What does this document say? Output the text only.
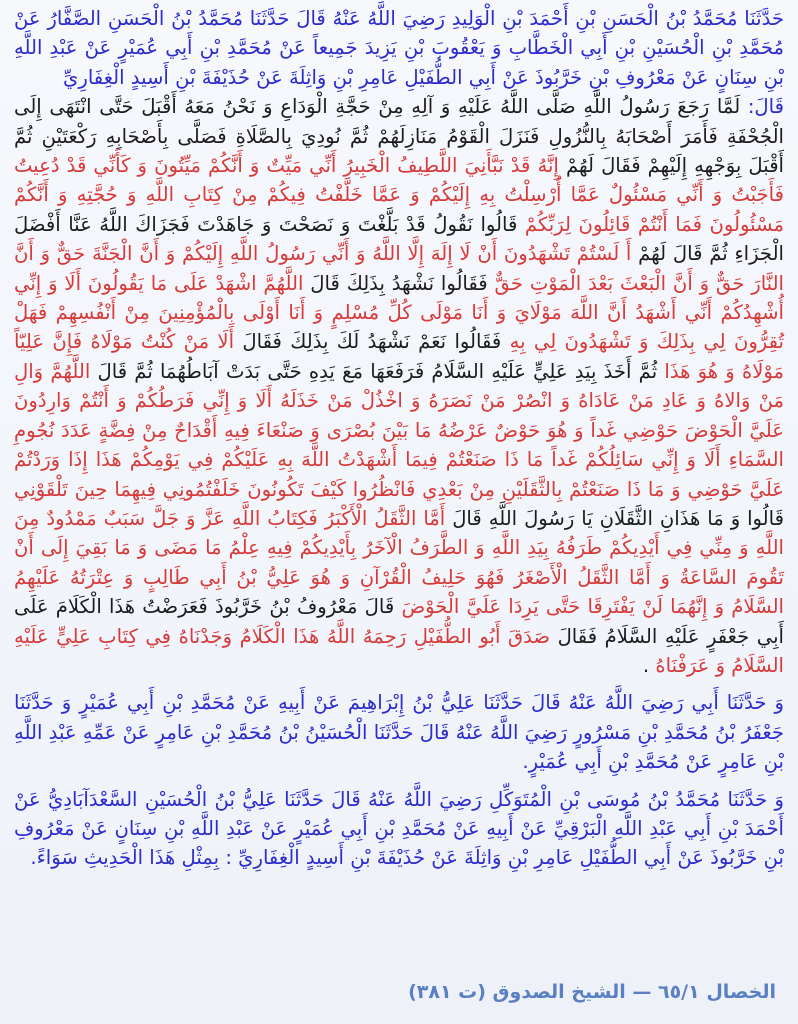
حَدَّثَنَا مُحَمَّدُ بْنُ الْحَسَنِ بْنِ أَحْمَدَ بْنِ الْوَلِيدِ رَضِيَ اللَّهُ عَنْهُ قَالَ حَدَّثَنَا مُحَمَّدُ بْنُ الْحَسَنِ الصَّفَّارُ عَنْ مُحَمَّدِ بْنِ الْحُسَيْنِ بْنِ أَبِي الْخَطَّابِ وَ يَعْقُوبَ بْنِ يَزِيدَ جَمِيعاً عَنْ مُحَمَّدِ بْنِ أَبِي عُمَيْرٍ عَنْ عَبْدِ اللَّهِ بْنِ سِنَانٍ عَنْ مَعْرُوفِ بْنِ خَرَّبُوذَ عَنْ أَبِي الطُّفَيْلِ عَامِرِ بْنِ وَاثِلَةَ عَنْ حُذَيْفَةَ بْنِ أَسِيدٍ الْغِفَارِيِّ

قَالَ: لَمَّا رَجَعَ رَسُولُ اللَّهِ صَلَّى اللَّهُ عَلَيْهِ وَ آلِهِ مِنْ حَجَّةِ الْوَدَاعِ وَ نَحْنُ مَعَهُ أَقْبَلَ حَتَّى انْتَهَى إِلَى الْجُحْفَةِ فَأَمَرَ أَصْحَابَهُ بِالنُّزُولِ فَنَزَلَ الْقَوْمُ مَنَازِلَهُمْ ثُمَّ نُودِيَ بِالصَّلَاةِ فَصَلَّى بِأَصْحَابِهِ رَكْعَتَيْنِ ثُمَّ أَقْبَلَ بِوَجْهِهِ إِلَيْهِمْ فَقَالَ لَهُمْ إِنَّهُ قَدْ نَبَّأَنِيَ اللَّطِيفُ الْخَبِيرُ أَنِّي مَيِّتٌ وَ أَنَّكُمْ مَيِّتُونَ وَ كَأَنِّي قَدْ دُعِيتُ فَأَجَبْتُ وَ أَنِّي مَسْئُولٌ عَمَّا أُرْسِلْتُ بِهِ إِلَيْكُمْ وَ عَمَّا خَلَّفْتُ فِيكُمْ مِنْ كِتَابِ اللَّهِ وَ حُجَّتِهِ وَ أَنَّكُمْ مَسْئُولُونَ فَمَا أَنْتُمْ قَائِلُونَ لِرَبِّكُمْ قَالُوا نَقُولُ قَدْ بَلَّغْتَ وَ نَصَحْتَ وَ جَاهَدْتَ فَجَزَاكَ اللَّهُ عَنَّا أَفْضَلَ الْجَزَاءِ ثُمَّ قَالَ لَهُمْ أَ لَسْتُمْ تَشْهَدُونَ أَنْ لَا إِلَهَ إِلَّا اللَّهُ وَ أَنِّي رَسُولُ اللَّهِ إِلَيْكُمْ وَ أَنَّ الْجَنَّةَ حَقٌّ وَ أَنَّ النَّارَ حَقٌّ وَ أَنَّ الْبَعْثَ بَعْدَ الْمَوْتِ حَقٌّ فَقَالُوا نَشْهَدُ بِذَلِكَ قَالَ اللَّهُمَّ اشْهَدْ عَلَى مَا يَقُولُونَ أَلَا وَ إِنِّي أُشْهِدُكُمْ أَنِّي أَشْهَدُ أَنَّ اللَّهَ مَوْلَايَ وَ أَنَا مَوْلَى كُلِّ مُسْلِمٍ وَ أَنَا أَوْلَى بِالْمُؤْمِنِينَ مِنْ أَنْفُسِهِمْ فَهَلْ تُقِرُّونَ لِي بِذَلِكَ وَ تَشْهَدُونَ لِي بِهِ فَقَالُوا نَعَمْ نَشْهَدُ لَكَ بِذَلِكَ فَقَالَ أَلَا مَنْ كُنْتُ مَوْلَاهُ فَإِنَّ عَلِيّاً مَوْلَاهُ وَ هُوَ هَذَا ثُمَّ أَخَذَ بِيَدِ عَلِيٍّ عَلَيْهِ السَّلَامُ فَرَفَعَهَا مَعَ يَدِهِ حَتَّى بَدَتْ آبَاطُهُمَا ثُمَّ قَالَ اللَّهُمَّ وَالِ مَنْ وَالاهُ وَ عَادِ مَنْ عَادَاهُ وَ انْصُرْ مَنْ نَصَرَهُ وَ اخْذُلْ مَنْ خَذَلَهُ أَلَا وَ إِنِّي فَرَطُكُمْ وَ أَنْتُمْ وَارِدُونَ عَلَيَّ الْحَوْضَ حَوْضِي غَداً وَ هُوَ حَوْضٌ عَرْضُهُ مَا بَيْنَ بُصْرَى وَ صَنْعَاءَ فِيهِ أَقْدَاحٌ مِنْ فِضَّةٍ عَدَدَ نُجُومِ السَّمَاءِ أَلَا وَ إِنِّي سَائِلُكُمْ غَداً مَا ذَا صَنَعْتُمْ فِيمَا أَشْهَدْتُ اللَّهَ بِهِ عَلَيْكُمْ فِي يَوْمِكُمْ هَذَا إِذَا وَرَدْتُمْ عَلَيَّ حَوْضِي وَ مَا ذَا صَنَعْتُمْ بِالثَّقَلَيْنِ مِنْ بَعْدِي فَانْظُرُوا كَيْفَ تَكُونُونَ خَلَفْتُمُونِي فِيهِمَا حِينَ تَلْقَوْنِي قَالُوا وَ مَا هَذَانِ الثَّقَلَانِ يَا رَسُولَ اللَّهِ قَالَ أَمَّا الثَّقَلُ الْأَكْبَرُ فَكِتَابُ اللَّهِ عَزَّ وَ جَلَّ سَبَبٌ مَمْدُودٌ مِنَ اللَّهِ وَ مِنِّي فِي أَيْدِيكُمْ طَرَفُهُ بِيَدِ اللَّهِ وَ الطَّرَفُ الْآخَرُ بِأَيْدِيكُمْ فِيهِ عِلْمُ مَا مَضَى وَ مَا بَقِيَ إِلَى أَنْ تَقُومَ السَّاعَةُ وَ أَمَّا الثَّقَلُ الْأَصْغَرُ فَهُوَ حَلِيفُ الْقُرْآنِ وَ هُوَ عَلِيُّ بْنُ أَبِي طَالِبٍ وَ عِتْرَتُهُ عَلَيْهِمُ السَّلَامُ وَ إِنَّهُمَا لَنْ يَفْتَرِقَا حَتَّى يَرِدَا عَلَيَّ الْحَوْضَ قَالَ مَعْرُوفُ بْنُ خَرَّبُوذَ فَعَرَضْتُ هَذَا الْكَلَامَ عَلَى أَبِي جَعْفَرٍ عَلَيْهِ السَّلَامُ فَقَالَ صَدَقَ أَبُو الطُّفَيْلِ رَحِمَهُ اللَّهُ هَذَا الْكَلَامُ وَجَدْنَاهُ فِي كِتَابِ عَلِيٍّ عَلَيْهِ السَّلَامُ وَ عَرَفْنَاهُ .

وَ حَدَّثَنَا أَبِي رَضِيَ اللَّهُ عَنْهُ قَالَ حَدَّثَنَا عَلِيُّ بْنُ إِبْرَاهِيمَ عَنْ أَبِيهِ عَنْ مُحَمَّدِ بْنِ أَبِي عُمَيْرٍ وَ حَدَّثَنَا جَعْفَرُ بْنُ مُحَمَّدِ بْنِ مَسْرُورٍ رَضِيَ اللَّهُ عَنْهُ قَالَ حَدَّثَنَا الْحُسَيْنُ بْنُ مُحَمَّدِ بْنِ عَامِرٍ عَنْ عَمِّهِ عَبْدِ اللَّهِ بْنِ عَامِرٍ عَنْ مُحَمَّدِ بْنِ أَبِي عُمَيْرٍ.

وَ حَدَّثَنَا مُحَمَّدُ بْنُ مُوسَى بْنِ الْمُتَوَكِّلِ رَضِيَ اللَّهُ عَنْهُ قَالَ حَدَّثَنَا عَلِيُّ بْنُ الْحُسَيْنِ السَّعْدَآبَادِيُّ عَنْ أَحْمَدَ بْنِ أَبِي عَبْدِ اللَّهِ الْبَرْقِيِّ عَنْ أَبِيهِ عَنْ مُحَمَّدِ بْنِ أَبِي عُمَيْرٍ عَنْ عَبْدِ اللَّهِ بْنِ سِنَانٍ عَنْ مَعْرُوفِ بْنِ خَرَّبُوذَ عَنْ أَبِي الطُّفَيْلِ عَامِرِ بْنِ وَاثِلَةَ عَنْ حُذَيْفَةَ بْنِ أَسِيدٍ الْغِفَارِيِّ : بِمِثْلِ هَذَا الْحَدِيثِ سَوَاءً.

الخصال ٦٥/١ — الشيخ الصدوق (ت ٣٨١)
